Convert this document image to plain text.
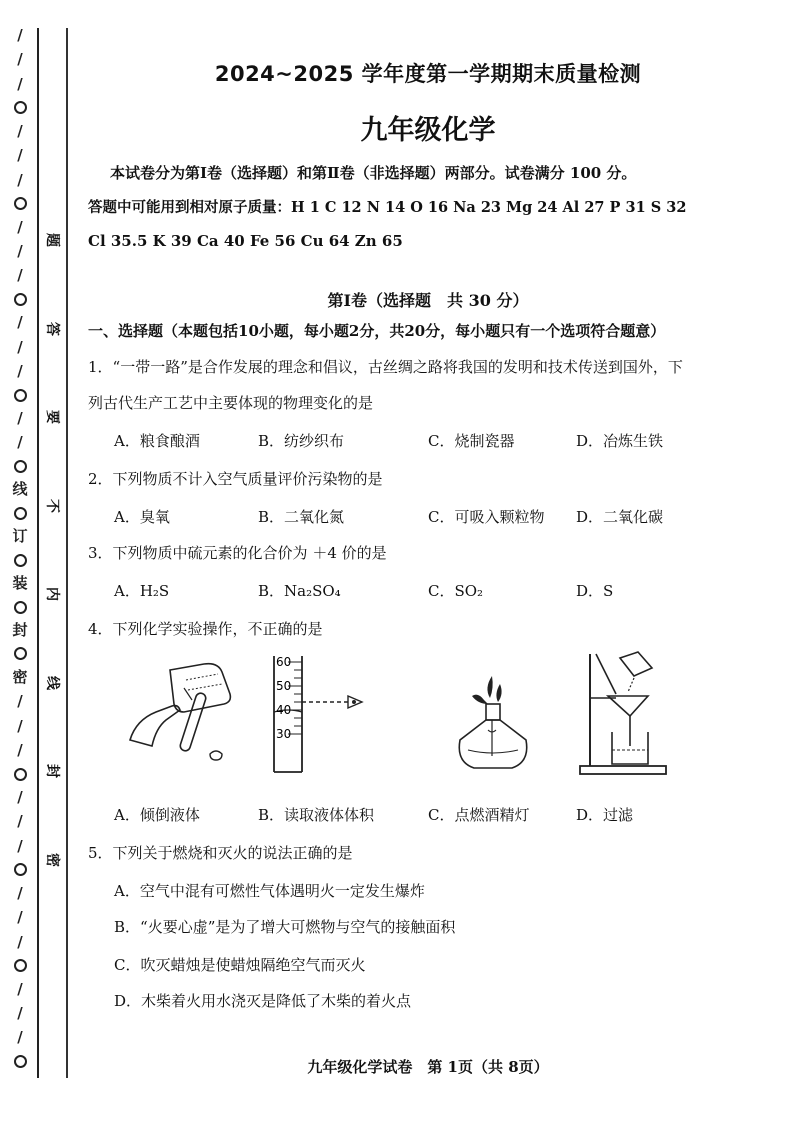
/
/
/
/
/
/
/
/
/
/
/
/
/
/
线
订
装
封
密
/
/
/
/
/
/
/
/
/
/
/
/
题
答
要
不
内
线
封
密
2024~2025 学年度第一学期期末质量检测
九年级化学
本试卷分为第Ⅰ卷（选择题）和第Ⅱ卷（非选择题）两部分。试卷满分 100 分。
答题中可能用到相对原子质量：H 1 C 12 N 14 O 16 Na 23 Mg 24 Al 27 P 31 S 32
Cl 35.5 K 39 Ca 40 Fe 56 Cu 64 Zn 65
第Ⅰ卷（选择题　共 30 分）
一、选择题（本题包括10小题，每小题2分，共20分，每小题只有一个选项符合题意）
1．“一带一路”是合作发展的理念和倡议，古丝绸之路将我国的发明和技术传送到国外，下
列古代生产工艺中主要体现的物理变化的是
A．粮食酿酒	B．纺纱织布	C．烧制瓷器	D．冶炼生铁
2．下列物质不计入空气质量评价污染物的是
A．臭氧	B．二氧化氮	C．可吸入颗粒物 D．二氧化碳
3．下列物质中硫元素的化合价为 ＋4 价的是
A．H₂S	B．Na₂SO₄	C．SO₂	D．S
4．下列化学实验操作，不正确的是
60
50
40
30
A．倾倒液体	B．读取液体体积	C．点燃酒精灯	D．过滤
5．下列关于燃烧和灭火的说法正确的是
A．空气中混有可燃性气体遇明火一定发生爆炸
B．“火要心虚”是为了增大可燃物与空气的接触面积
C．吹灭蜡烛是使蜡烛隔绝空气而灭火
D．木柴着火用水浇灭是降低了木柴的着火点
九年级化学试卷　第 1页（共 8页）
